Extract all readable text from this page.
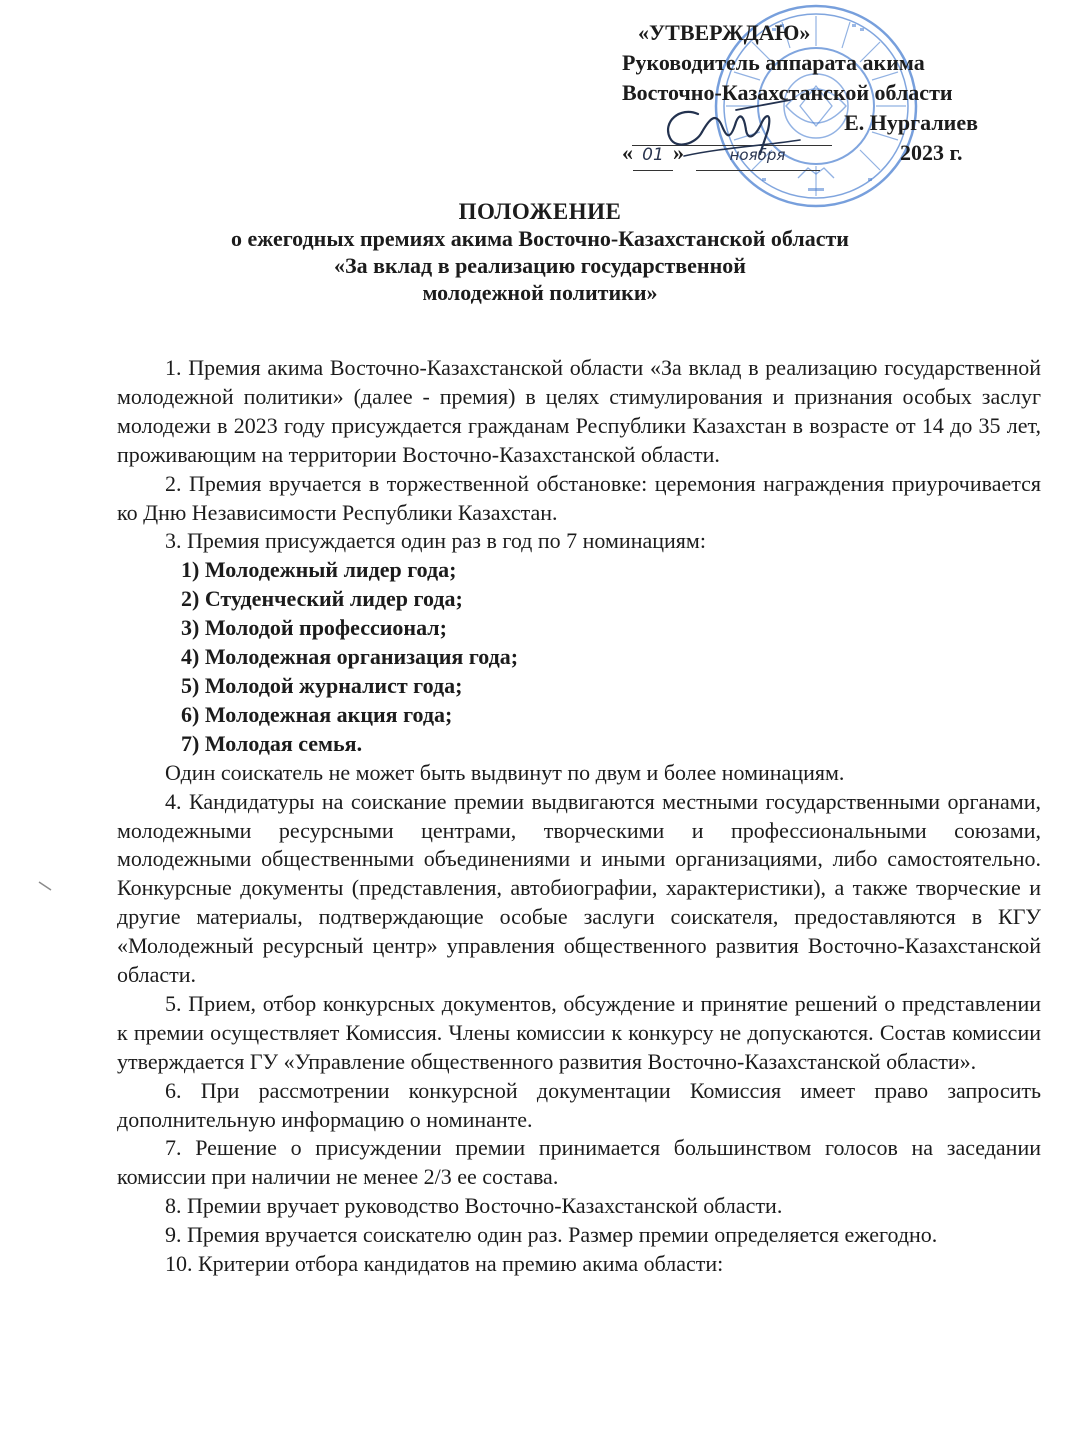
«УТВЕРЖДАЮ»
Руководитель аппарата акима
Восточно-Казахстанской области
Е. Нургалиев
« 01 »	ноября	2023 г.
ПОЛОЖЕНИЕ
о ежегодных премиях акима Восточно-Казахстанской области
«За вклад в реализацию государственной
молодежной политики»

1. Премия акима Восточно-Казахстанской области «За вклад в реализацию государственной молодежной политики» (далее - премия) в целях стимулирования и признания особых заслуг молодежи в 2023 году присуждается гражданам Республики Казахстан в возрасте от 14 до 35 лет, проживающим на территории Восточно-Казахстанской области.

2. Премия вручается в торжественной обстановке: церемония награждения приурочивается ко Дню Независимости Республики Казахстан.

3. Премия присуждается один раз в год по 7 номинациям:

1) Молодежный лидер года;

2) Студенческий лидер года;

3) Молодой профессионал;

4) Молодежная организация года;

5) Молодой журналист года;

6) Молодежная акция года;

7) Молодая семья.

Один соискатель не может быть выдвинут по двум и более номинациям.

4. Кандидатуры на соискание премии выдвигаются местными государственными органами, молодежными ресурсными центрами, творческими и профессиональными союзами, молодежными общественными объединениями и иными организациями, либо самостоятельно. Конкурсные документы (представления, автобиографии, характеристики), а также творческие и другие материалы, подтверждающие особые заслуги соискателя, предоставляются в КГУ «Молодежный ресурсный центр» управления общественного развития Восточно-Казахстанской области.

5. Прием, отбор конкурсных документов, обсуждение и принятие решений о представлении к премии осуществляет Комиссия. Члены комиссии к конкурсу не допускаются. Состав комиссии утверждается ГУ «Управление общественного развития Восточно-Казахстанской области».

6. При рассмотрении конкурсной документации Комиссия имеет право запросить дополнительную информацию о номинанте.

7. Решение о присуждении премии принимается большинством голосов на заседании комиссии при наличии не менее 2/3 ее состава.

8. Премии вручает руководство Восточно-Казахстанской области.

9. Премия вручается соискателю один раз. Размер премии определяется ежегодно.

10. Критерии отбора кандидатов на премию акима области:
